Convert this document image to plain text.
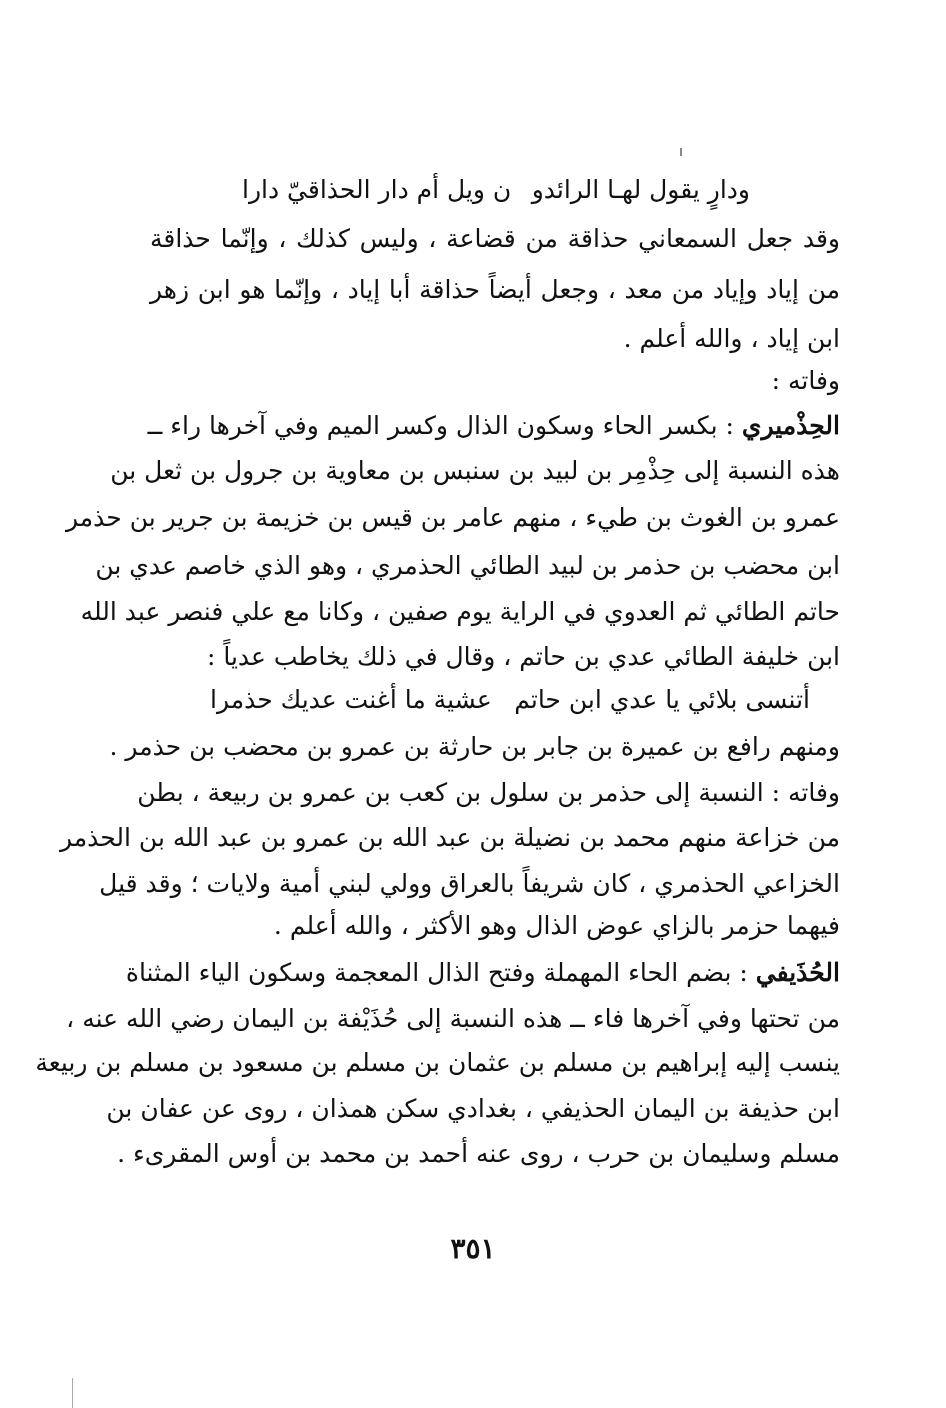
ودارٍ يقول لهـا الرائدو
ن ويل أم دار الحذاقيّ دارا
وقد جعل السمعاني حذاقة من قضاعة ، وليس كذلك ، وإنّما حذاقة
من إياد وإياد من معد ، وجعل أيضاً حذاقة أبا إياد ، وإنّما هو ابن زهر
ابن إياد ، والله أعلم .
وفاته :
الحِذْميري : بكسر الحاء وسكون الذال وكسر الميم وفي آخرها راء ــ
هذه النسبة إلى حِذْمِر بن لبيد بن سنبس بن معاوية بن جرول بن ثعل بن
عمرو بن الغوث بن طيء ، منهم عامر بن قيس بن خزيمة بن جرير بن حذمر
ابن محضب بن حذمر بن لبيد الطائي الحذمري ، وهو الذي خاصم عدي بن
حاتم الطائي ثم العدوي في الراية يوم صفين ، وكانا مع علي فنصر عبد الله
ابن خليفة الطائي عدي بن حاتم ، وقال في ذلك يخاطب عدياً :
أتنسى بلائي يا عدي ابن حاتم
عشية ما أغنت عديك حذمرا
ومنهم رافع بن عميرة بن جابر بن حارثة بن عمرو بن محضب بن حذمر .
وفاته : النسبة إلى حذمر بن سلول بن كعب بن عمرو بن ربيعة ، بطن
من خزاعة منهم محمد بن نضيلة بن عبد الله بن عمرو بن عبد الله بن الحذمر
الخزاعي الحذمري ، كان شريفاً بالعراق وولي لبني أمية ولايات ؛ وقد قيل
فيهما حزمر بالزاي عوض الذال وهو الأكثر ، والله أعلم .
الحُذَيفي : بضم الحاء المهملة وفتح الذال المعجمة وسكون الياء المثناة
من تحتها وفي آخرها فاء ــ هذه النسبة إلى حُذَيْفة بن اليمان رضي الله عنه ،
ينسب إليه إبراهيم بن مسلم بن عثمان بن مسلم بن مسعود بن مسلم بن ربيعة
ابن حذيفة بن اليمان الحذيفي ، بغدادي سكن همذان ، روى عن عفان بن
مسلم وسليمان بن حرب ، روى عنه أحمد بن محمد بن أوس المقرىء .
٣٥١
